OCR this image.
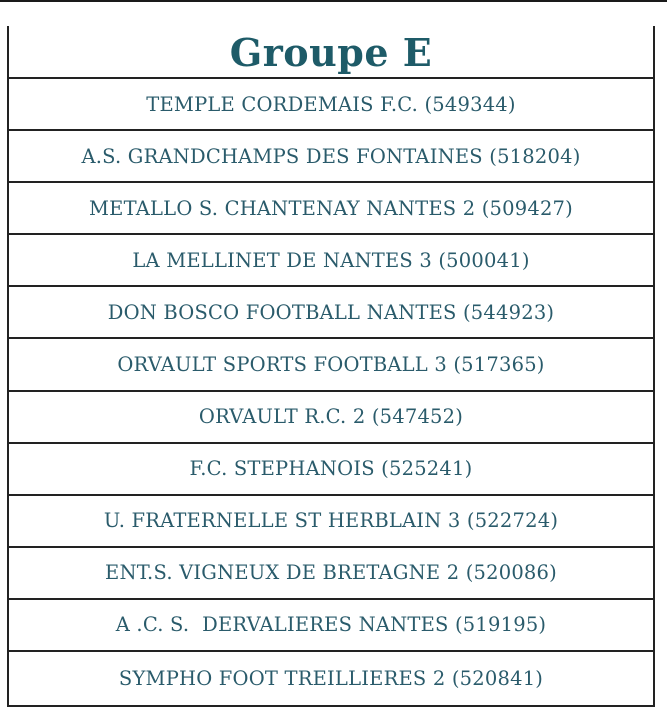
Groupe E
TEMPLE CORDEMAIS F.C. (549344)
A.S. GRANDCHAMPS DES FONTAINES (518204)
METALLO S. CHANTENAY NANTES 2 (509427)
LA MELLINET DE NANTES 3 (500041)
DON BOSCO FOOTBALL NANTES (544923)
ORVAULT SPORTS FOOTBALL 3 (517365)
ORVAULT R.C. 2 (547452)
F.C. STEPHANOIS (525241)
U. FRATERNELLE ST HERBLAIN 3 (522724)
ENT.S. VIGNEUX DE BRETAGNE 2 (520086)
A .C. S.  DERVALIERES NANTES (519195)
SYMPHO FOOT TREILLIERES 2 (520841)
